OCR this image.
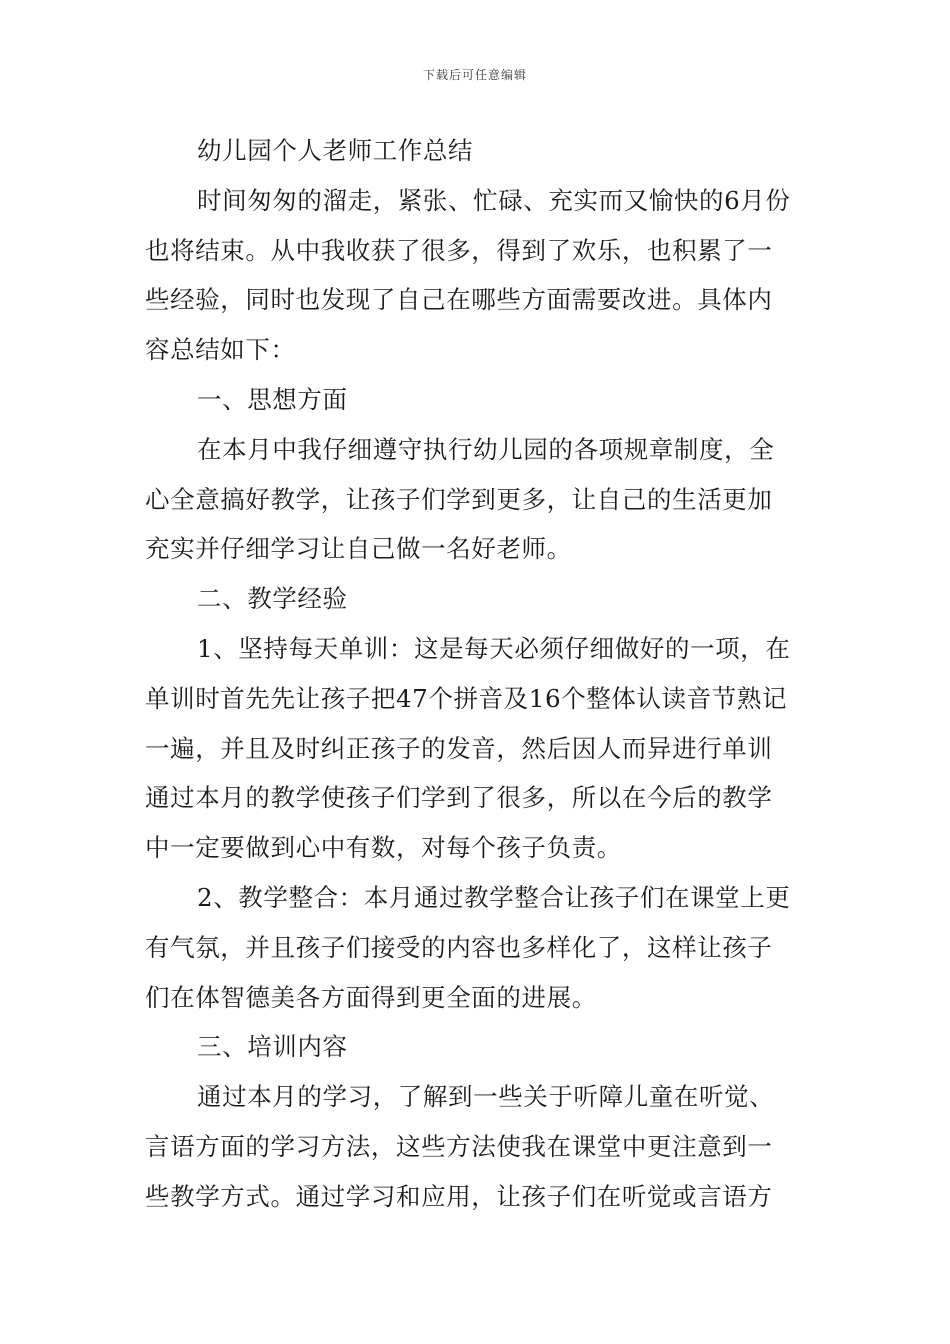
下载后可任意编辑
幼儿园个人老师工作总结
时间匆匆的溜走，紧张、忙碌、充实而又愉快的6月份
也将结束。从中我收获了很多，得到了欢乐，也积累了一
些经验，同时也发现了自己在哪些方面需要改进。具体内
容总结如下：
一、思想方面
在本月中我仔细遵守执行幼儿园的各项规章制度，全
心全意搞好教学，让孩子们学到更多，让自己的生活更加
充实并仔细学习让自己做一名好老师。
二、教学经验
1、坚持每天单训：这是每天必须仔细做好的一项，在
单训时首先先让孩子把47个拼音及16个整体认读音节熟记
一遍，并且及时纠正孩子的发音，然后因人而异进行单训
通过本月的教学使孩子们学到了很多，所以在今后的教学
中一定要做到心中有数，对每个孩子负责。
2、教学整合：本月通过教学整合让孩子们在课堂上更
有气氛，并且孩子们接受的内容也多样化了，这样让孩子
们在体智德美各方面得到更全面的进展。
三、培训内容
通过本月的学习，了解到一些关于听障儿童在听觉、
言语方面的学习方法，这些方法使我在课堂中更注意到一
些教学方式。通过学习和应用，让孩子们在听觉或言语方
